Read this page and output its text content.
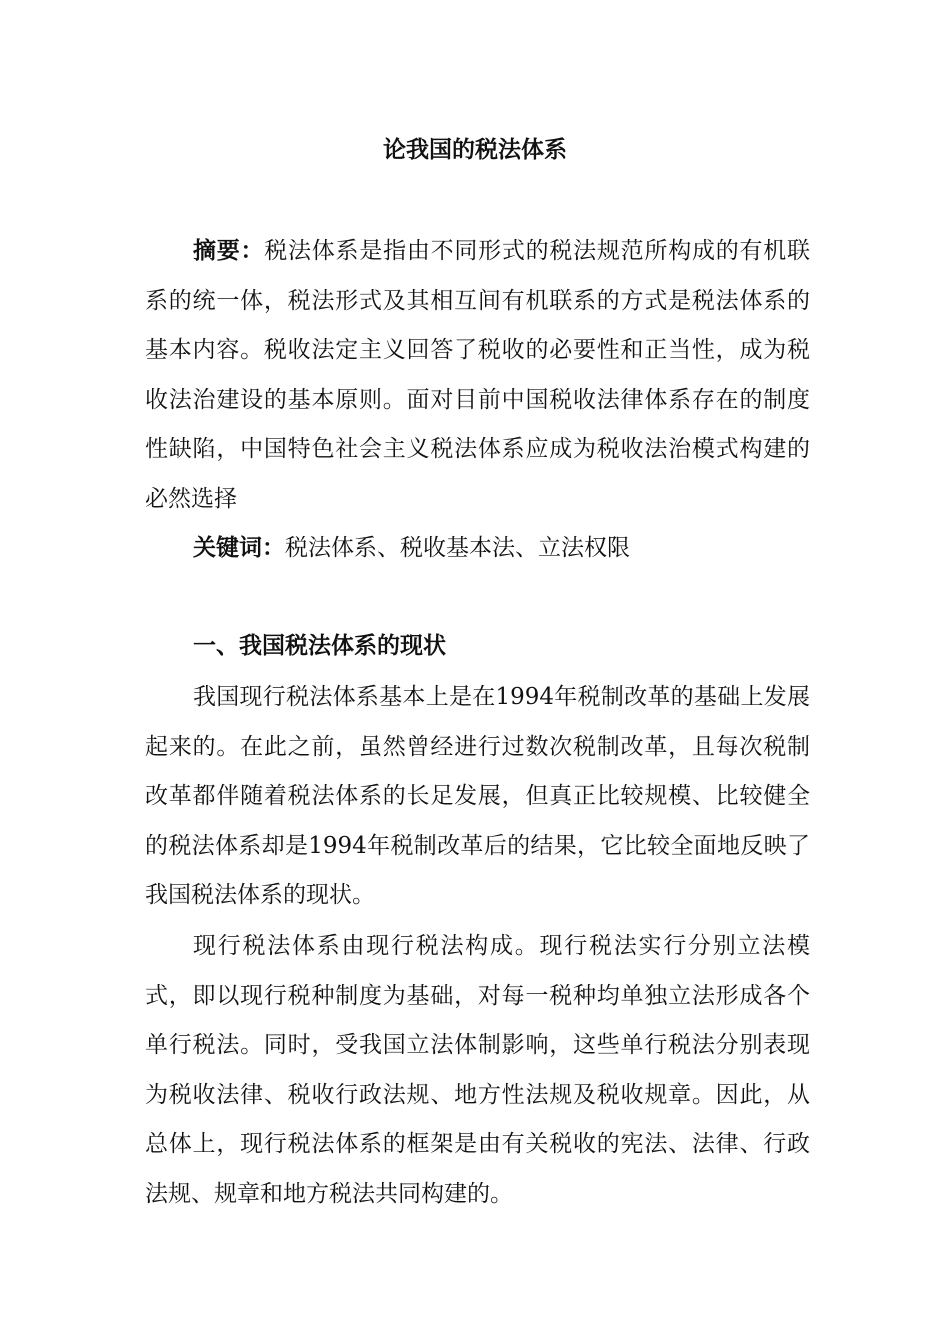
论我国的税法体系
摘要：税法体系是指由不同形式的税法规范所构成的有机联系的统一体，税法形式及其相互间有机联系的方式是税法体系的基本内容。税收法定主义回答了税收的必要性和正当性，成为税收法治建设的基本原则。面对目前中国税收法律体系存在的制度性缺陷，中国特色社会主义税法体系应成为税收法治模式构建的必然选择
关键词：税法体系、税收基本法、立法权限
一、我国税法体系的现状
我国现行税法体系基本上是在1994年税制改革的基础上发展起来的。在此之前，虽然曾经进行过数次税制改革，且每次税制改革都伴随着税法体系的长足发展，但真正比较规模、比较健全的税法体系却是1994年税制改革后的结果，它比较全面地反映了我国税法体系的现状。
现行税法体系由现行税法构成。现行税法实行分别立法模式，即以现行税种制度为基础，对每一税种均单独立法形成各个单行税法。同时，受我国立法体制影响，这些单行税法分别表现为税收法律、税收行政法规、地方性法规及税收规章。因此，从总体上，现行税法体系的框架是由有关税收的宪法、法律、行政法规、规章和地方税法共同构建的。
